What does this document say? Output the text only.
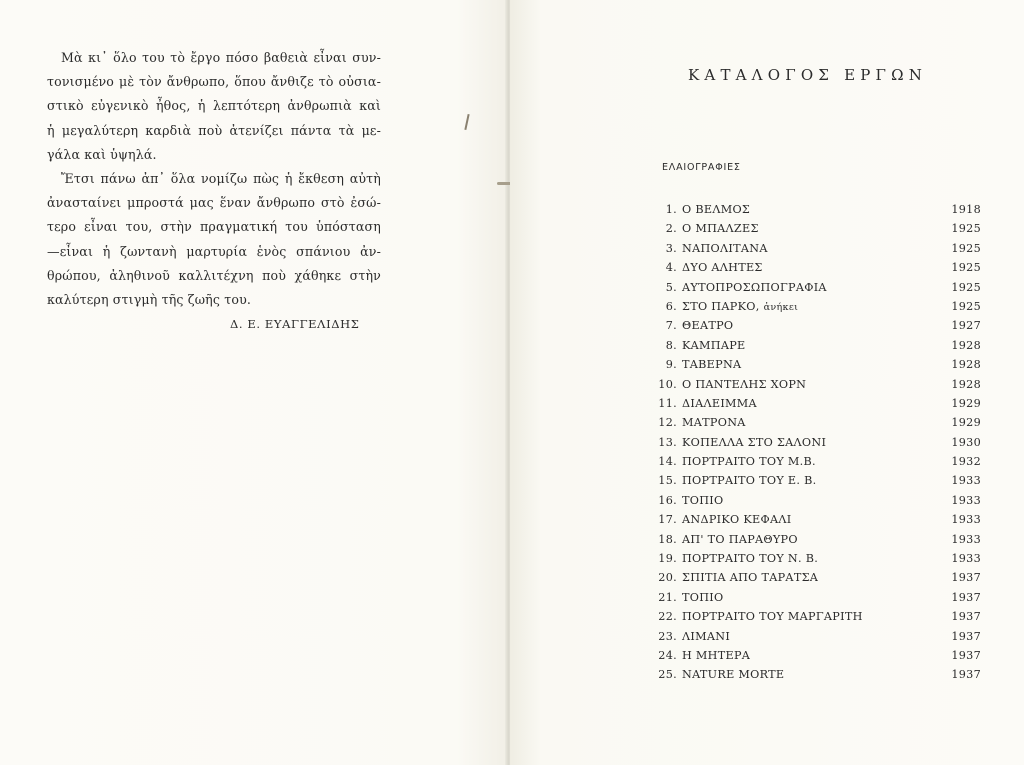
Μὰ κι᾽ ὅλο του τὸ ἔργο πόσο βαθειὰ εἶναι συν-
τονισμένο μὲ τὸν ἄνθρωπο, ὅπου ἄνθιζε τὸ οὐσια-
στικὸ εὐγενικὸ ἦθος, ἡ λεπτότερη ἀνθρωπιὰ καὶ
ἡ μεγαλύτερη καρδιὰ ποὺ ἀτενίζει πάντα τὰ με-
γάλα καὶ ὑψηλά.
Ἔτσι πάνω ἀπ᾽ ὅλα νομίζω πὼς ἡ ἔκθεση αὐτὴ
ἀνασταίνει μπροστά μας ἕναν ἄνθρωπο στὸ ἐσώ-
τερο εἶναι του, στὴν πραγματική του ὑπόσταση
—εἶναι ἡ ζωντανὴ μαρτυρία ἑνὸς σπάνιου ἀν-
θρώπου, ἀληθινοῦ καλλιτέχνη ποὺ χάθηκε στὴν
καλύτερη στιγμὴ τῆς ζωῆς του.
Δ. Ε. ΕΥΑΓΓΕΛΙΔΗΣ
ΚΑΤΑΛΟΓΟΣ ΕΡΓΩΝ
ΕΛΑΙΟΓΡΑΦΙΕΣ
1. Ο ΒΕΛΜΟΣ	1918
2. Ο ΜΠΑΛΖΕΣ	1925
3. ΝΑΠΟΛΙΤΑΝΑ	1925
4. ΔΥΟ ΑΛΗΤΕΣ	1925
5. ΑΥΤΟΠΡΟΣΩΠΟΓΡΑΦΙΑ	1925
6. ΣΤΟ ΠΑΡΚΟ, ἀνήκει	1925
7. ΘΕΑΤΡΟ	1927
8. ΚΑΜΠΑΡΕ	1928
9. ΤΑΒΕΡΝΑ	1928
10. Ο ΠΑΝΤΕΛΗΣ ΧΟΡΝ	1928
11. ΔΙΑΛΕΙΜΜΑ	1929
12. ΜΑΤΡΟΝΑ	1929
13. ΚΟΠΕΛΛΑ ΣΤΟ ΣΑΛΟΝΙ	1930
14. ΠΟΡΤΡΑΙΤΟ ΤΟΥ Μ.Β.	1932
15. ΠΟΡΤΡΑΙΤΟ ΤΟΥ Ε. Β.	1933
16. ΤΟΠΙΟ	1933
17. ΑΝΔΡΙΚΟ ΚΕΦΑΛΙ	1933
18. ΑΠ' ΤΟ ΠΑΡΑΘΥΡΟ	1933
19. ΠΟΡΤΡΑΙΤΟ ΤΟΥ Ν. Β.	1933
20. ΣΠΙΤΙΑ ΑΠΟ ΤΑΡΑΤΣΑ	1937
21. ΤΟΠΙΟ	1937
22. ΠΟΡΤΡΑΙΤΟ ΤΟΥ ΜΑΡΓΑΡΙΤΗ	1937
23. ΛΙΜΑΝΙ	1937
24. Η ΜΗΤΕΡΑ	1937
25. NATURE MORTE	1937
